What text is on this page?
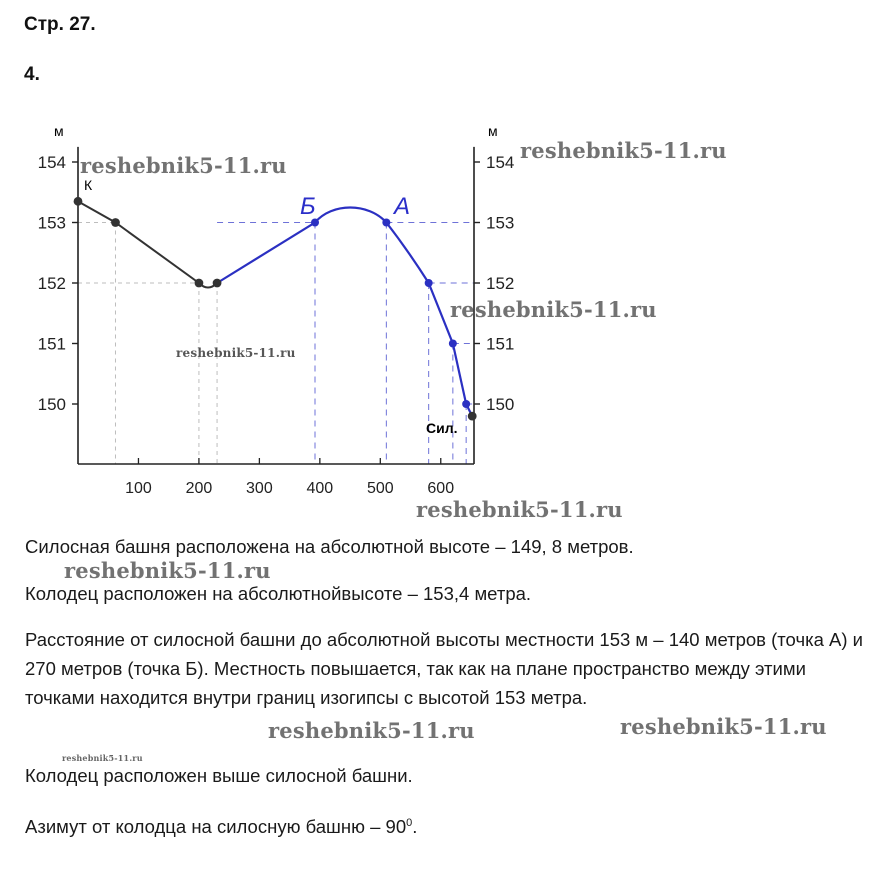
Стр. 27.
4.
150	150
151	151
152	152
153	153
154	154
100 200 300 400 500 600
м	м
К
Б	А
Сил.
reshebnik5-11.ru
reshebnik5-11.ru
reshebnik5-11.ru
reshebnik5-11.ru
reshebnik5-11.ru
reshebnik5-11.ru
reshebnik5-11.ru	reshebnik5-11.ru
reshebnik5-11.ru
Силосная башня расположена на абсолютной высоте – 149, 8 метров.
Колодец расположен на абсолютнойвысоте – 153,4 метра.
Расстояние от силосной башни до абсолютной высоты местности 153 м – 140 метров (точка А) и 270 метров (точка Б). Местность повышается, так как на плане пространство между этими точками находится внутри границ изогипсы с высотой 153 метра.
Колодец расположен выше силосной башни.
Азимут от колодца на силосную башню – $90^0$.
